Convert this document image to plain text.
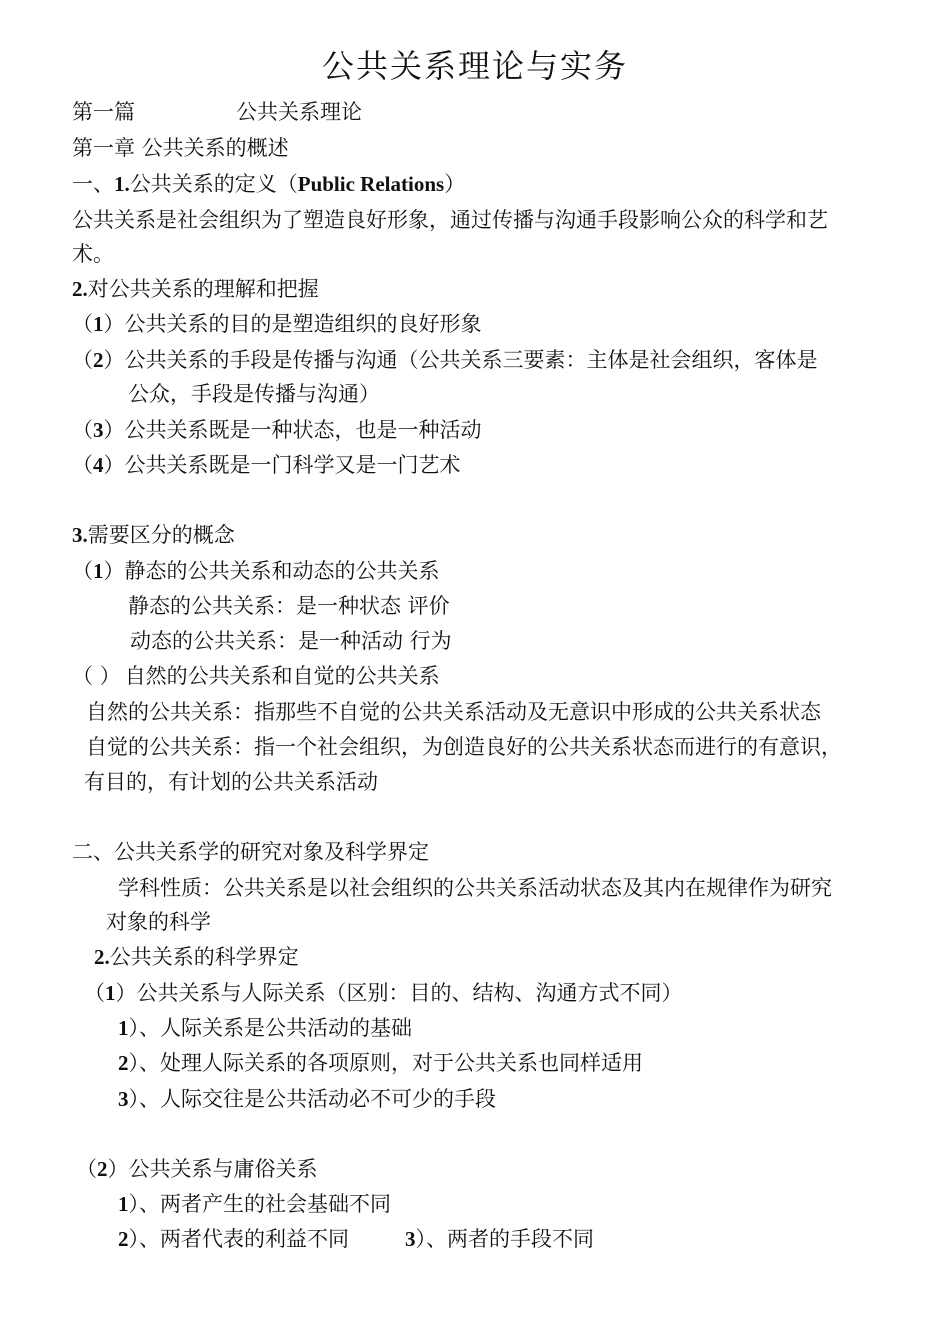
公共关系理论与实务
第一篇	公共关系理论
第一章 公共关系的概述
一、1.公共关系的定义（Public Relations）
公共关系是社会组织为了塑造良好形象，通过传播与沟通手段影响公众的科学和艺
术。
2.对公共关系的理解和把握
（1）公共关系的目的是塑造组织的良好形象
（2）公共关系的手段是传播与沟通（公共关系三要素：主体是社会组织，客体是
公众，手段是传播与沟通）
（3）公共关系既是一种状态，也是一种活动
（4）公共关系既是一门科学又是一门艺术
3.需要区分的概念
（1）静态的公共关系和动态的公共关系
静态的公共关系：是一种状态 评价
动态的公共关系：是一种活动 行为
（ ） 自然的公共关系和自觉的公共关系
自然的公共关系：指那些不自觉的公共关系活动及无意识中形成的公共关系状态
自觉的公共关系：指一个社会组织，为创造良好的公共关系状态而进行的有意识，
有目的，有计划的公共关系活动
二、公共关系学的研究对象及科学界定
学科性质：公共关系是以社会组织的公共关系活动状态及其内在规律作为研究
对象的科学
2.公共关系的科学界定
（1）公共关系与人际关系（区别：目的、结构、沟通方式不同）
1）、人际关系是公共活动的基础
2）、处理人际关系的各项原则，对于公共关系也同样适用
3）、人际交往是公共活动必不可少的手段
（2）公共关系与庸俗关系
1）、两者产生的社会基础不同
2）、两者代表的利益不同	3）、两者的手段不同
